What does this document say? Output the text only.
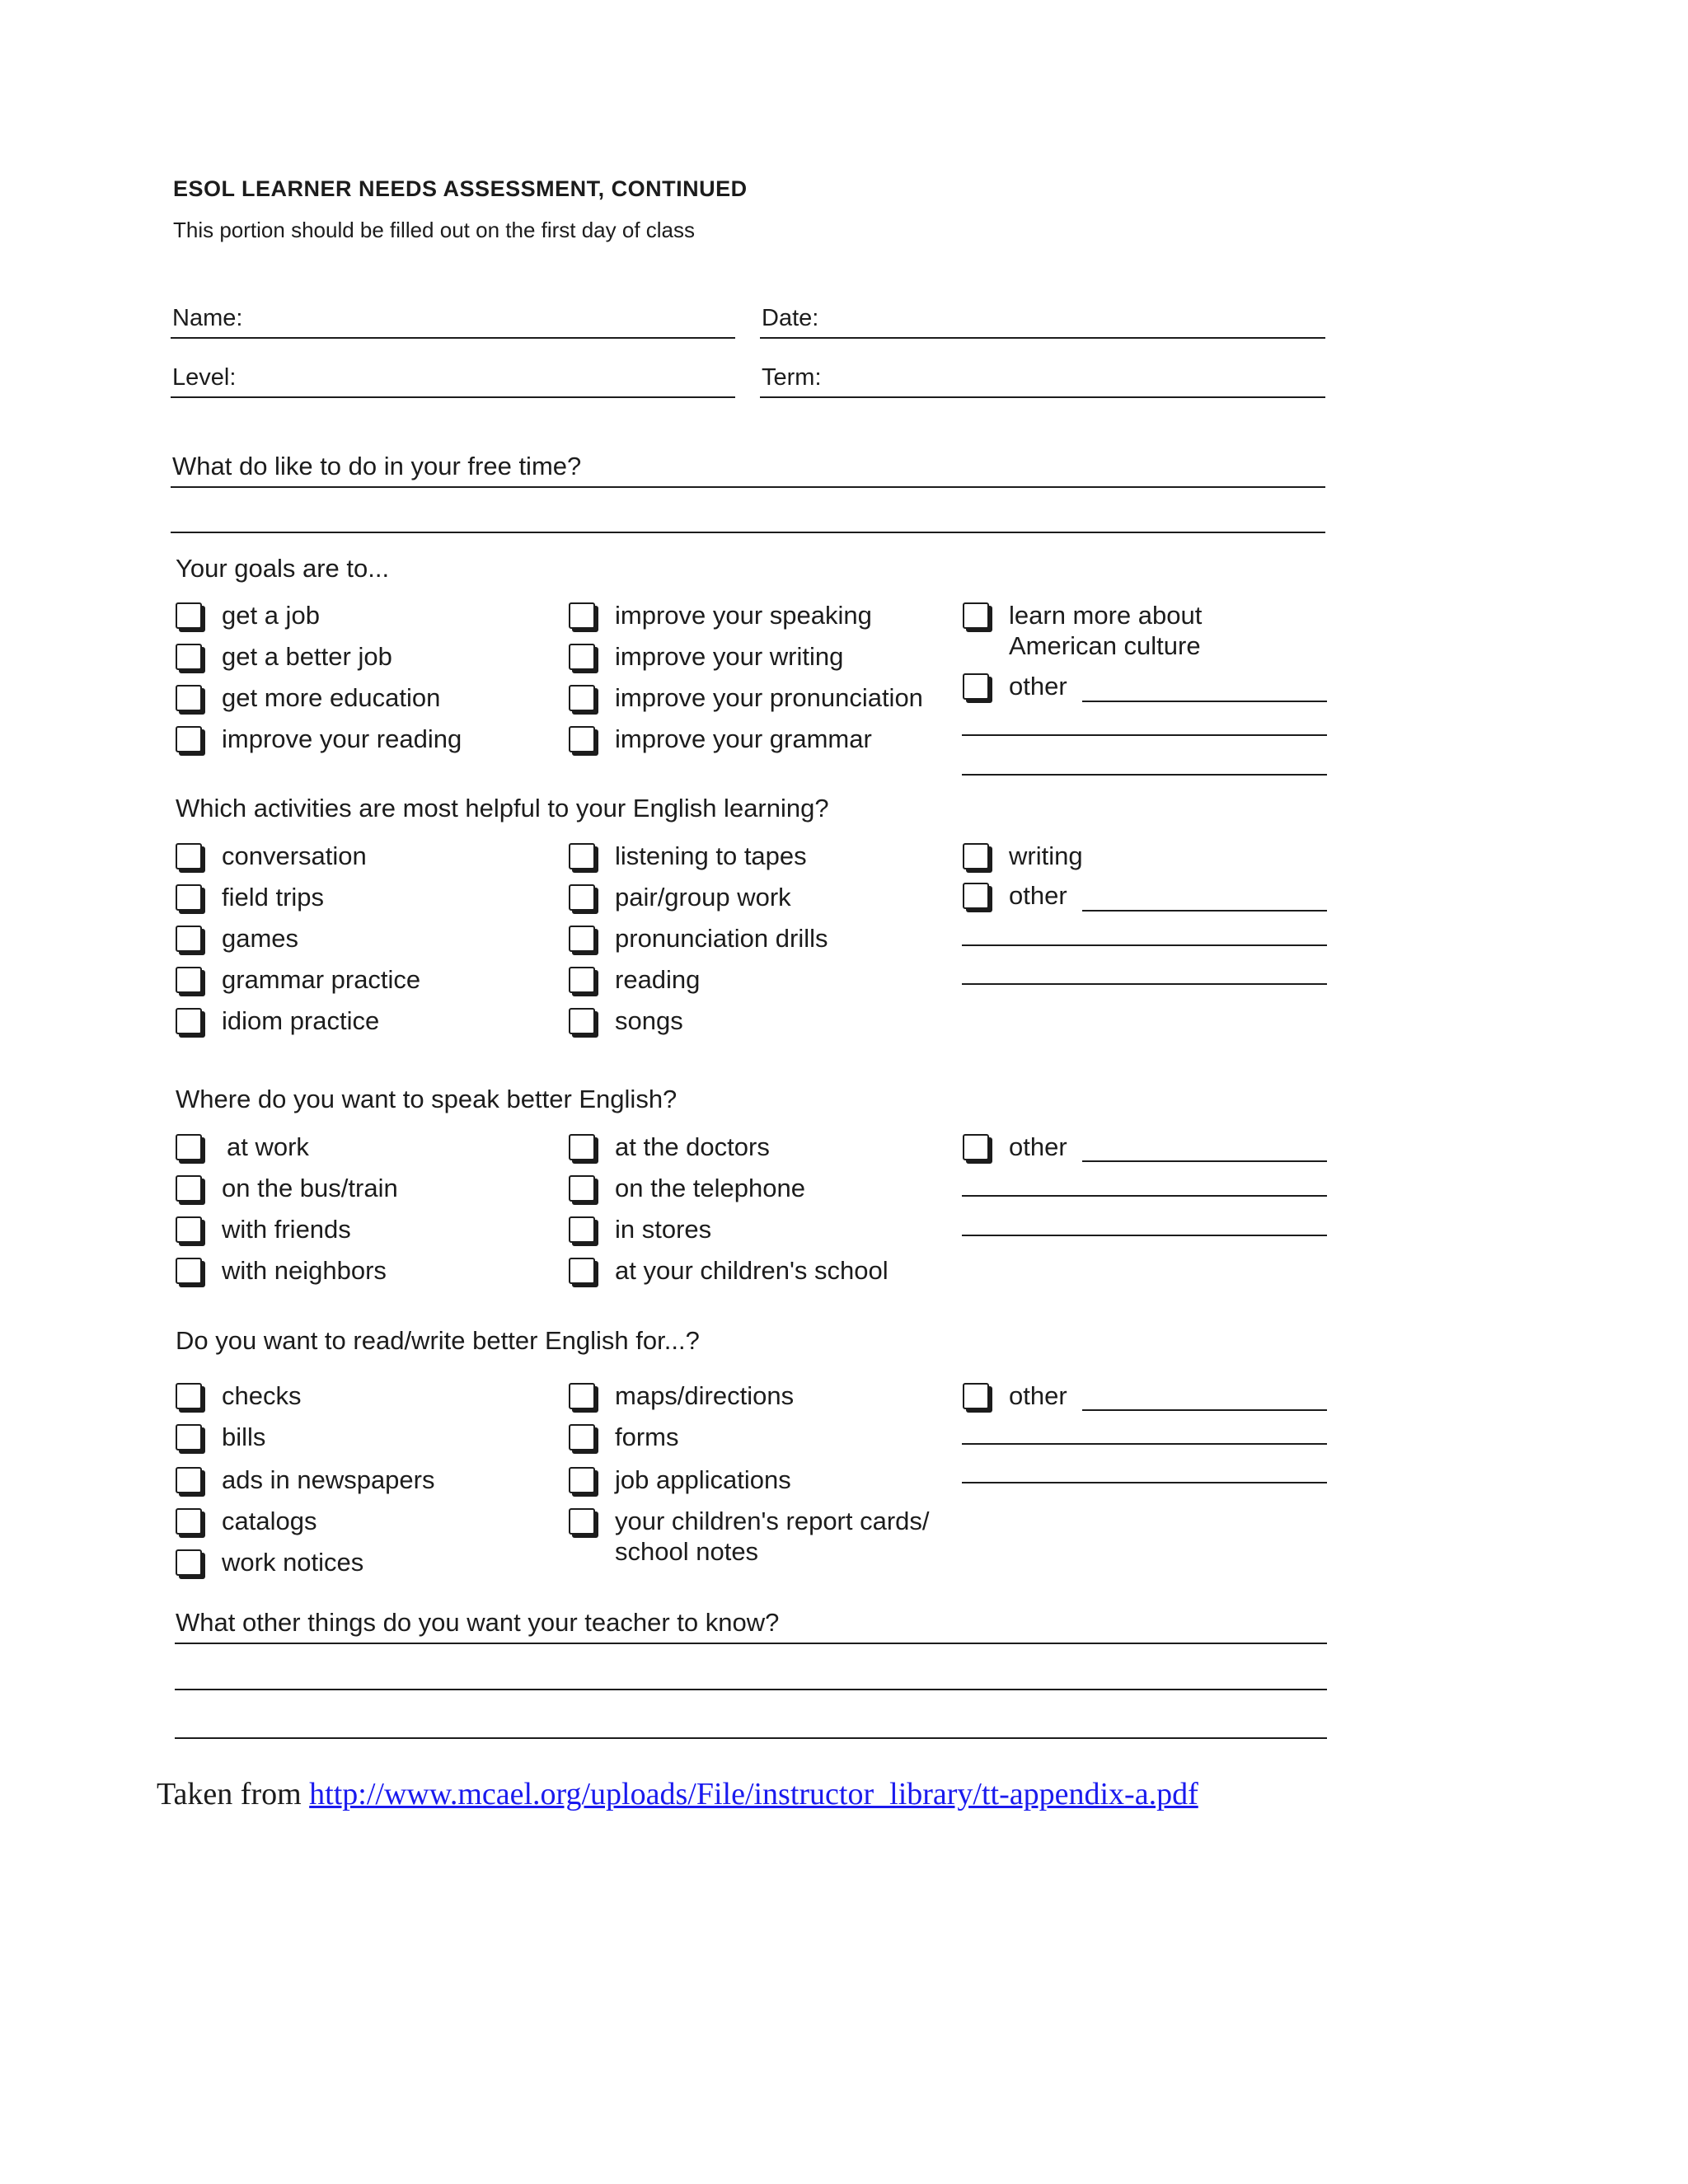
ESOL LEARNER NEEDS ASSESSMENT, CONTINUED
This portion should be filled out on the first day of class
Name:	Date:
Level:	Term:
What do like to do in your free time?
Your goals are to...
get a job
get a better job
get more education
improve your reading
improve your speaking
improve your writing
improve your pronunciation
improve your grammar
learn more about
American culture
other
Which activities are most helpful to your English learning?
conversation
field trips
games
grammar practice
idiom practice
listening to tapes
pair/group work
pronunciation drills
reading
songs
writing
other
Where do you want to speak better English?
at work
on the bus/train
with friends
with neighbors
at the doctors
on the telephone
in stores
at your children's school
other
Do you want to read/write better English for...?
checks
bills
ads in newspapers
catalogs
work notices
maps/directions
forms
job applications
your children's report cards/
school notes
other
What other things do you want your teacher to know?
Taken from http://www.mcael.org/uploads/File/instructor_library/tt-appendix-a.pdf
